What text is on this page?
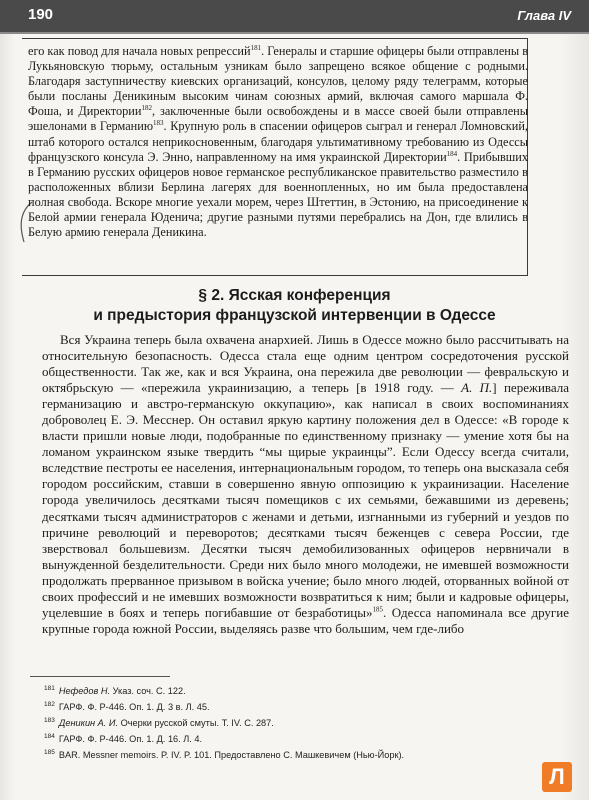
190	Глава IV

его как повод для начала новых репрессий$^{181}$. Генералы и старшие офицеры были отправлены в Лукьяновскую тюрьму, остальным узникам было запрещено всякое общение с родными. Благодаря заступничеству киевских организаций, консулов, целому ряду телеграмм, которые были посланы Деникиным высоким чинам союзных армий, включая самого маршала Ф. Фоша, и Директории$^{182}$, заключенные были освобождены и в массе своей были отправлены эшелонами в Германию$^{183}$. Крупную роль в спасении офицеров сыграл и генерал Ломновский, штаб которого остался неприкосновенным, благодаря ультимативному требованию из Одессы французского консула Э. Энно, направленному на имя украинской Директории$^{184}$. Прибывших в Германию русских офицеров новое германское республиканское правительство разместило в расположенных вблизи Берлина лагерях для военнопленных, но им была предоставлена полная свобода. Вскоре многие уехали морем, через Штеттин, в Эстонию, на присоединение к Белой армии генерала Юденича; другие разными путями перебрались на Дон, где влились в Белую армию генерала Деникина.

§ 2. Ясская конференция
и предыстория французской интервенции в Одессе

Вся Украина теперь была охвачена анархией. Лишь в Одессе можно было рассчитывать на относительную безопасность. Одесса стала еще одним центром сосредоточения русской общественности. Так же, как и вся Украина, она пережила две революции — февральскую и октябрьскую — «пережила украинизацию, а теперь [в 1918 году. — А. П.] переживала германизацию и австро-германскую оккупацию», как написал в своих воспоминаниях доброволец Е. Э. Месснер. Он оставил яркую картину положения дел в Одессе: «В городе к власти пришли новые люди, подобранные по единственному признаку — умение хотя бы на ломаном украинском языке твердить “мы щирые украинцы”. Если Одессу всегда считали, вследствие пестроты ее населения, интернациональным городом, то теперь она высказала себя городом российским, ставши в совершенно явную оппозицию к украинизации. Население города увеличилось десятками тысяч помещиков с их семьями, бежавшими из деревень; десятками тысяч администраторов с женами и детьми, изгнанными из губерний и уездов по причине революций и переворотов; десятками тысяч беженцев с севера России, где зверствовал большевизм. Десятки тысяч демобилизованных офицеров нервничали в вынужденной безделительности. Среди них было много молодежи, не имевшей возможности продолжать прерванное призывом в войска учение; было много людей, оторванных войной от своих профессий и не имевших возможности возвратиться к ним; были и кадровые офицеры, уцелевшие в боях и теперь погибавшие от безработицы»$^{185}$. Одесса напоминала все другие крупные города южной России, выделяясь разве что большим, чем где-либо

$^{181}$ Нефедов Н. Указ. соч. С. 122.
$^{182}$ ГАРФ. Ф. Р-446. Оп. 1. Д. 3 в. Л. 45.
$^{183}$ Деникин А. И. Очерки русской смуты. Т. IV. С. 287.
$^{184}$ ГАРФ. Ф. Р-446. Оп. 1. Д. 16. Л. 4.
$^{185}$ BAR. Messner memoirs. P. IV. P. 101. Предоставлено С. Машкевичем (Нью-Йорк).
Л
